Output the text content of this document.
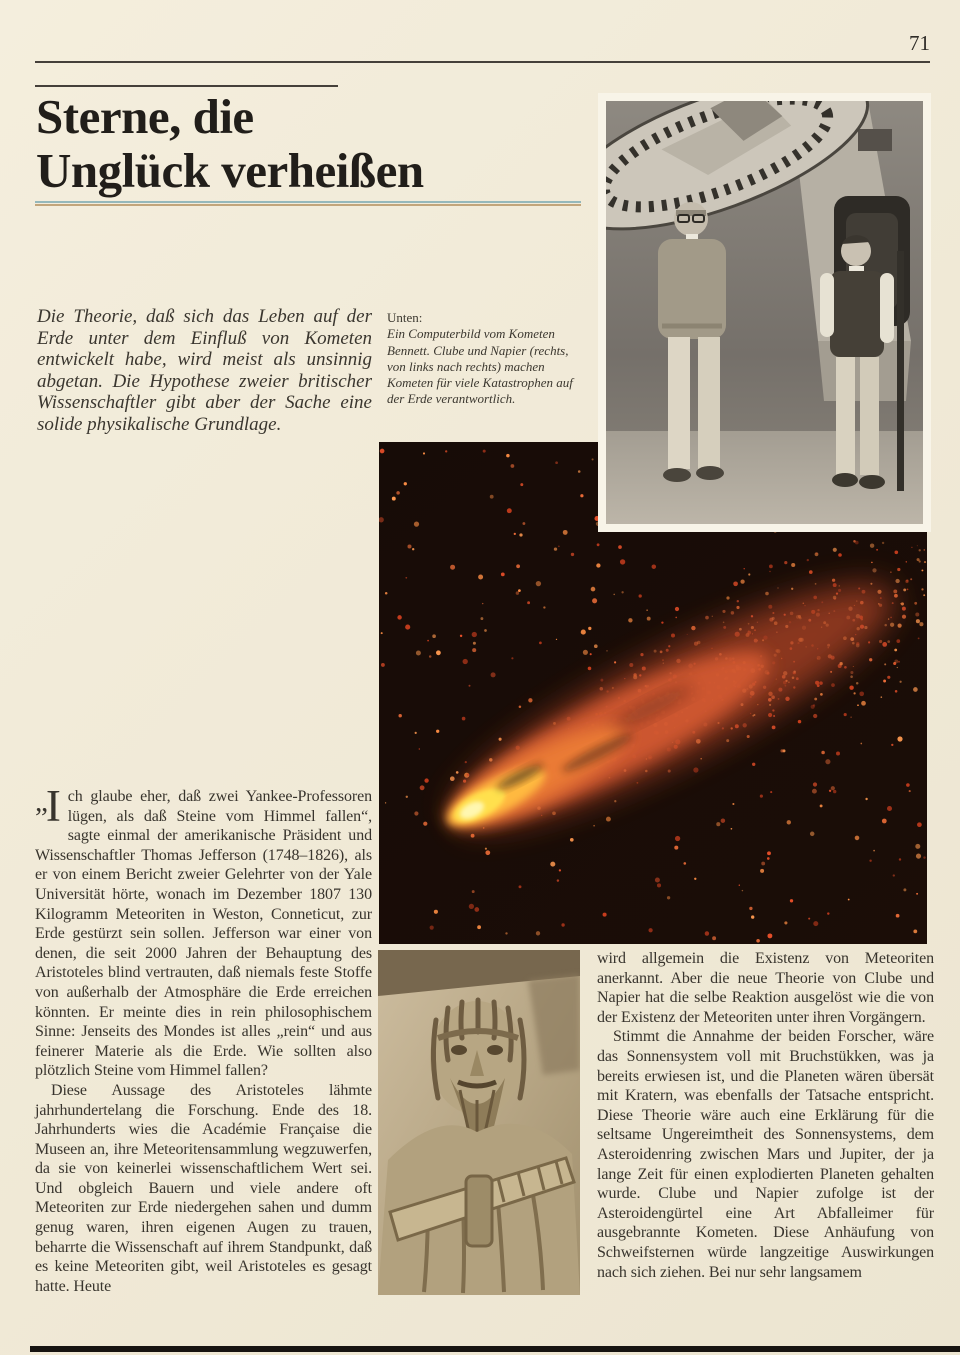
71
Sterne, die
Unglück verheißen
Die Theorie, daß sich das Leben auf der Erde unter dem Einfluß von Kometen entwickelt habe, wird meist als unsinnig abgetan. Die Hypothese zweier britischer Wissenschaftler gibt aber der Sache eine solide physikalische Grundlage.
Unten:
Ein Computerbild vom Kometen Bennett. Clube und Napier (rechts, von links nach rechts) machen Kometen für viele Katastrophen auf der Erde verantwortlich.

„I ch glaube eher, daß zwei Yankee-Professoren lügen, als daß Steine vom Himmel fallen“, sagte einmal der amerikanische Präsident und Wissenschaftler Thomas Jefferson (1748–1826), als er von einem Bericht zweier Gelehrter von der Yale Universität hörte, wonach im Dezember 1807 130 Kilogramm Meteoriten in Weston, Conneticut, zur Erde gestürzt sein sollen. Jefferson war einer von denen, die seit 2000 Jahren der Behauptung des Aristoteles blind vertrauten, daß niemals feste Stoffe von außerhalb der Atmosphäre die Erde erreichen könnten. Er meinte dies in rein philosophischem Sinne: Jenseits des Mondes ist alles „rein“ und aus feinerer Materie als die Erde. Wie sollten also plötzlich Steine vom Himmel fallen?

Diese Aussage des Aristoteles lähmte jahrhundertelang die Forschung. Ende des 18. Jahrhunderts wies die Académie Française die Museen an, ihre Meteoritensammlung wegzuwerfen, da sie von keinerlei wissenschaftlichem Wert sei. Und obgleich Bauern und viele andere oft Meteoriten zur Erde niedergehen sahen und dumm genug waren, ihren eigenen Augen zu trauen, beharrte die Wissenschaft auf ihrem Standpunkt, daß es keine Meteoriten gibt, weil Aristoteles es gesagt hatte. Heute

wird allgemein die Existenz von Meteoriten anerkannt. Aber die neue Theorie von Clube und Napier hat die selbe Reaktion ausgelöst wie die von der Existenz der Meteoriten unter ihren Vorgängern.

Stimmt die Annahme der beiden Forscher, wäre das Sonnensystem voll mit Bruchstükken, was ja bereits erwiesen ist, und die Planeten wären übersät mit Kratern, was ebenfalls der Tatsache entspricht. Diese Theorie wäre auch eine Erklärung für die seltsame Ungereimtheit des Sonnensystems, dem Asteroidenring zwischen Mars und Jupiter, der ja lange Zeit für einen explodierten Planeten gehalten wurde. Clube und Napier zufolge ist der Asteroidengürtel eine Art Abfalleimer für ausgebrannte Kometen. Diese Anhäufung von Schweifsternen würde langzeitige Auswirkungen nach sich ziehen. Bei nur sehr langsamem
